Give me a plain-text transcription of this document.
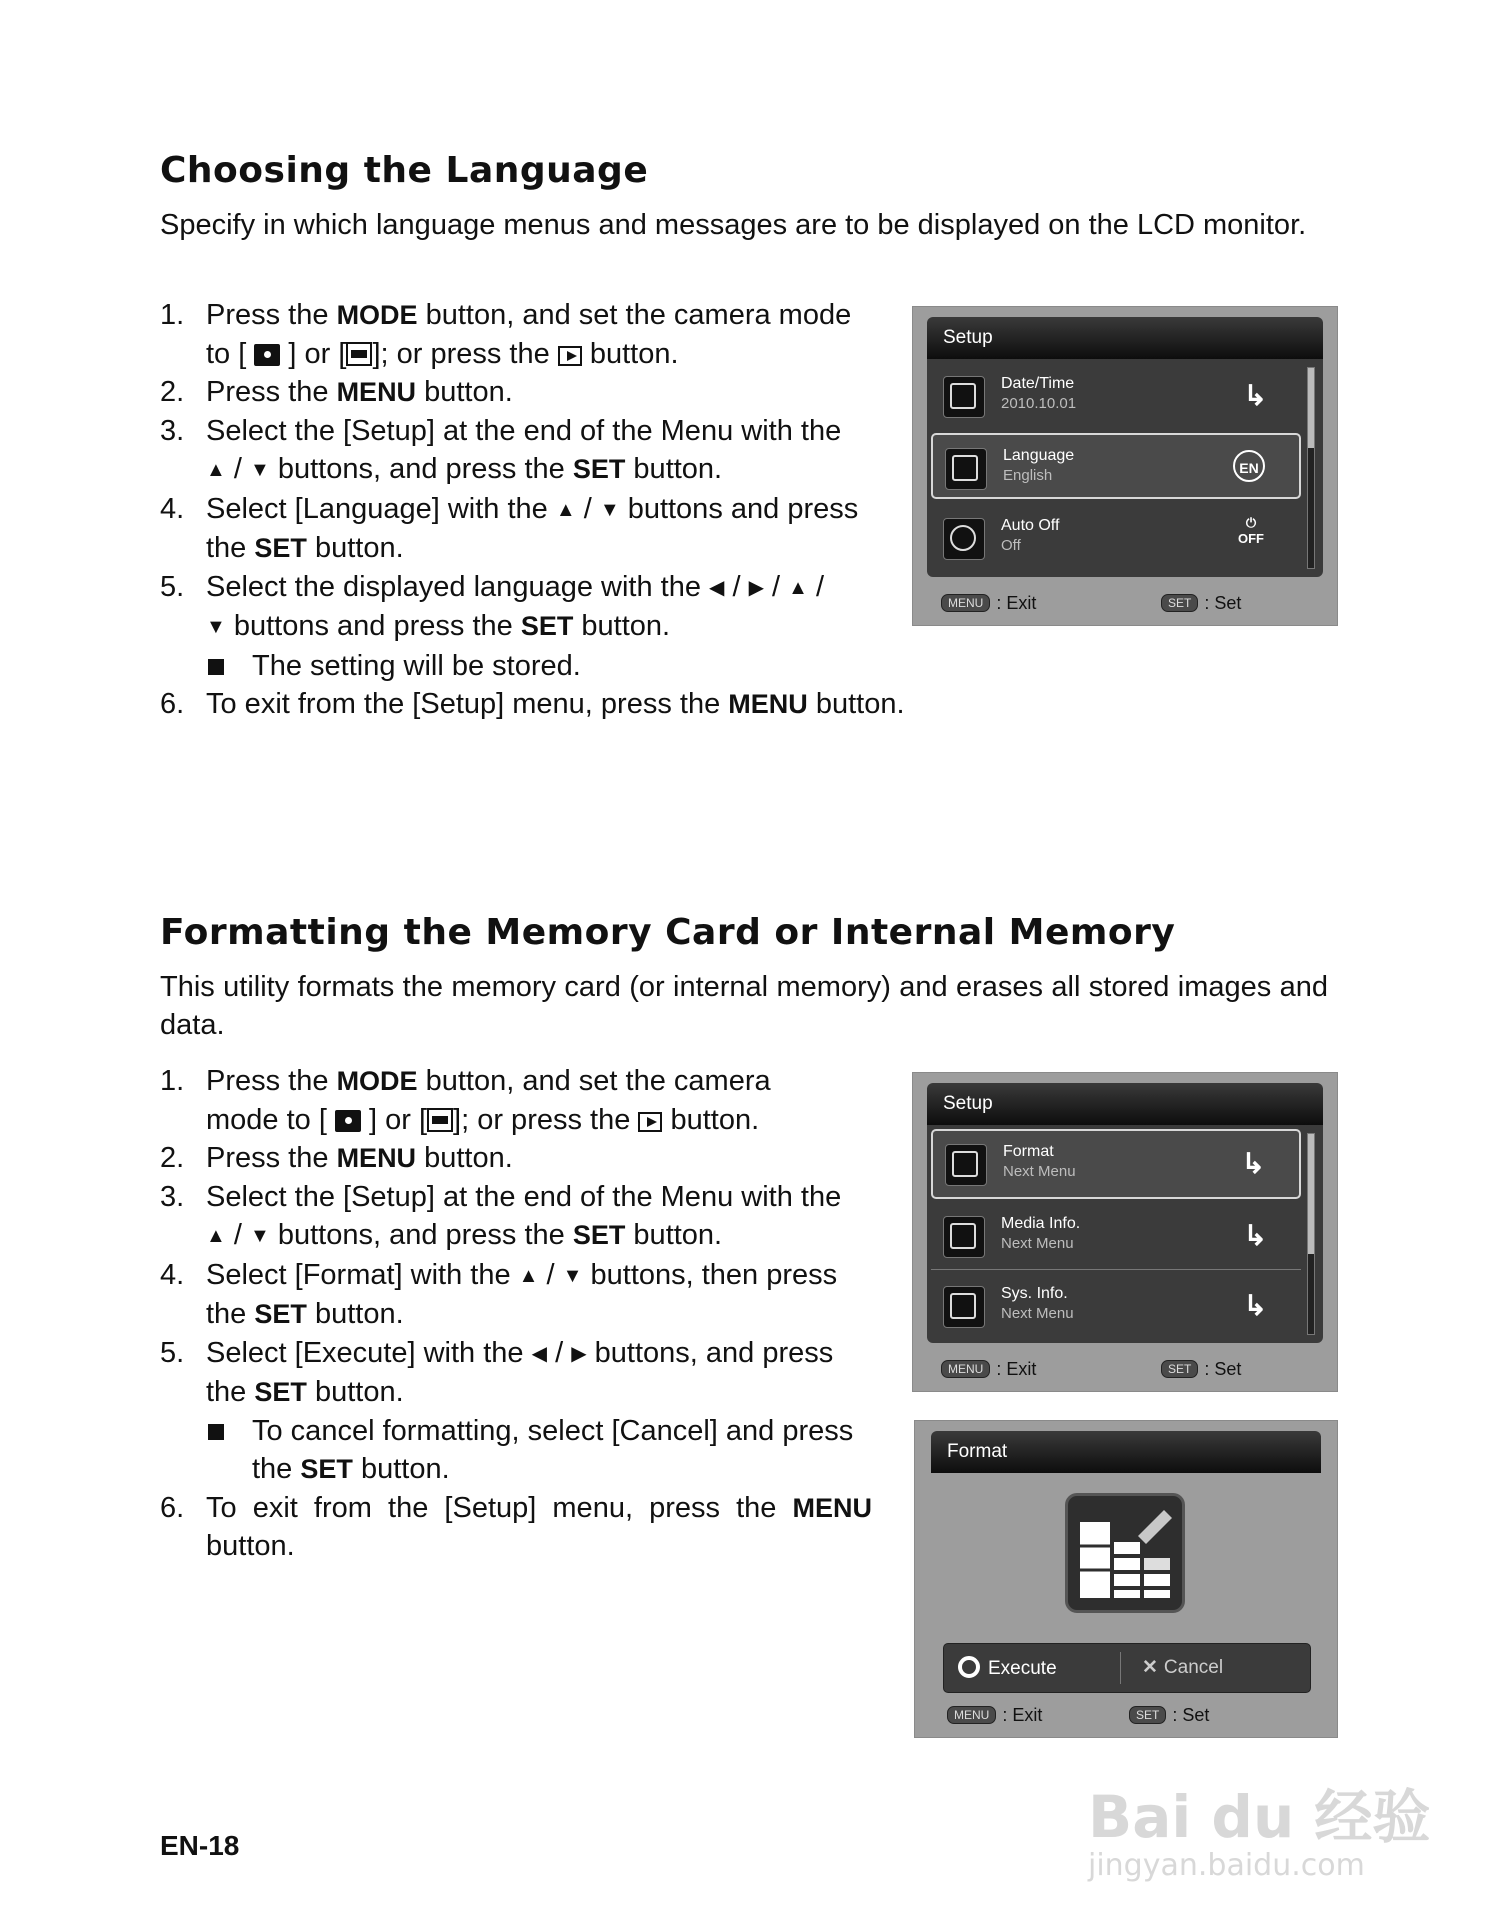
Choosing the Language

Specify in which language menus and messages are to be displayed on the LCD monitor.

1. Press the MODE button, and set the camera mode
to [  ] or [ ]; or press the  button.
2. Press the MENU button.
3. Select the [Setup] at the end of the Menu with the
▲ / ▼ buttons, and press the SET button.
4. Select [Language] with the ▲ / ▼ buttons and press
the SET button.
5. Select the displayed language with the ◀ / ▶ / ▲ /
▼ buttons and press the SET button.
The setting will be stored.
6. To exit from the [Setup] menu, press the MENU button.
Setup
Date/Time
2010.10.01	↳
Language
English	EN
Auto Off
Off
⏻
OFF
MENU : Exit	SET : Set
Formatting the Memory Card or Internal Memory

This utility formats the memory card (or internal memory) and erases all stored images and data.

1. Press the MODE button, and set the camera
mode to [  ] or [ ]; or press the  button.
2. Press the MENU button.
3. Select the [Setup] at the end of the Menu with the
▲ / ▼ buttons, and press the SET button.
4. Select [Format] with the ▲ / ▼ buttons, then press
the SET button.
5. Select [Execute] with the ◀ / ▶ buttons, and press
the SET button.
To cancel formatting, select [Cancel] and press
the SET button.
6. To exit from the [Setup] menu, press the MENU
button.
Setup
Format
Next Menu	↳
Media Info.
Next Menu	↳
Sys. Info.
Next Menu	↳
MENU : Exit	SET : Set
Format
Execute	✕ Cancel
MENU : Exit	SET : Set
EN-18	Bai du 经验
jingyan.baidu.com
